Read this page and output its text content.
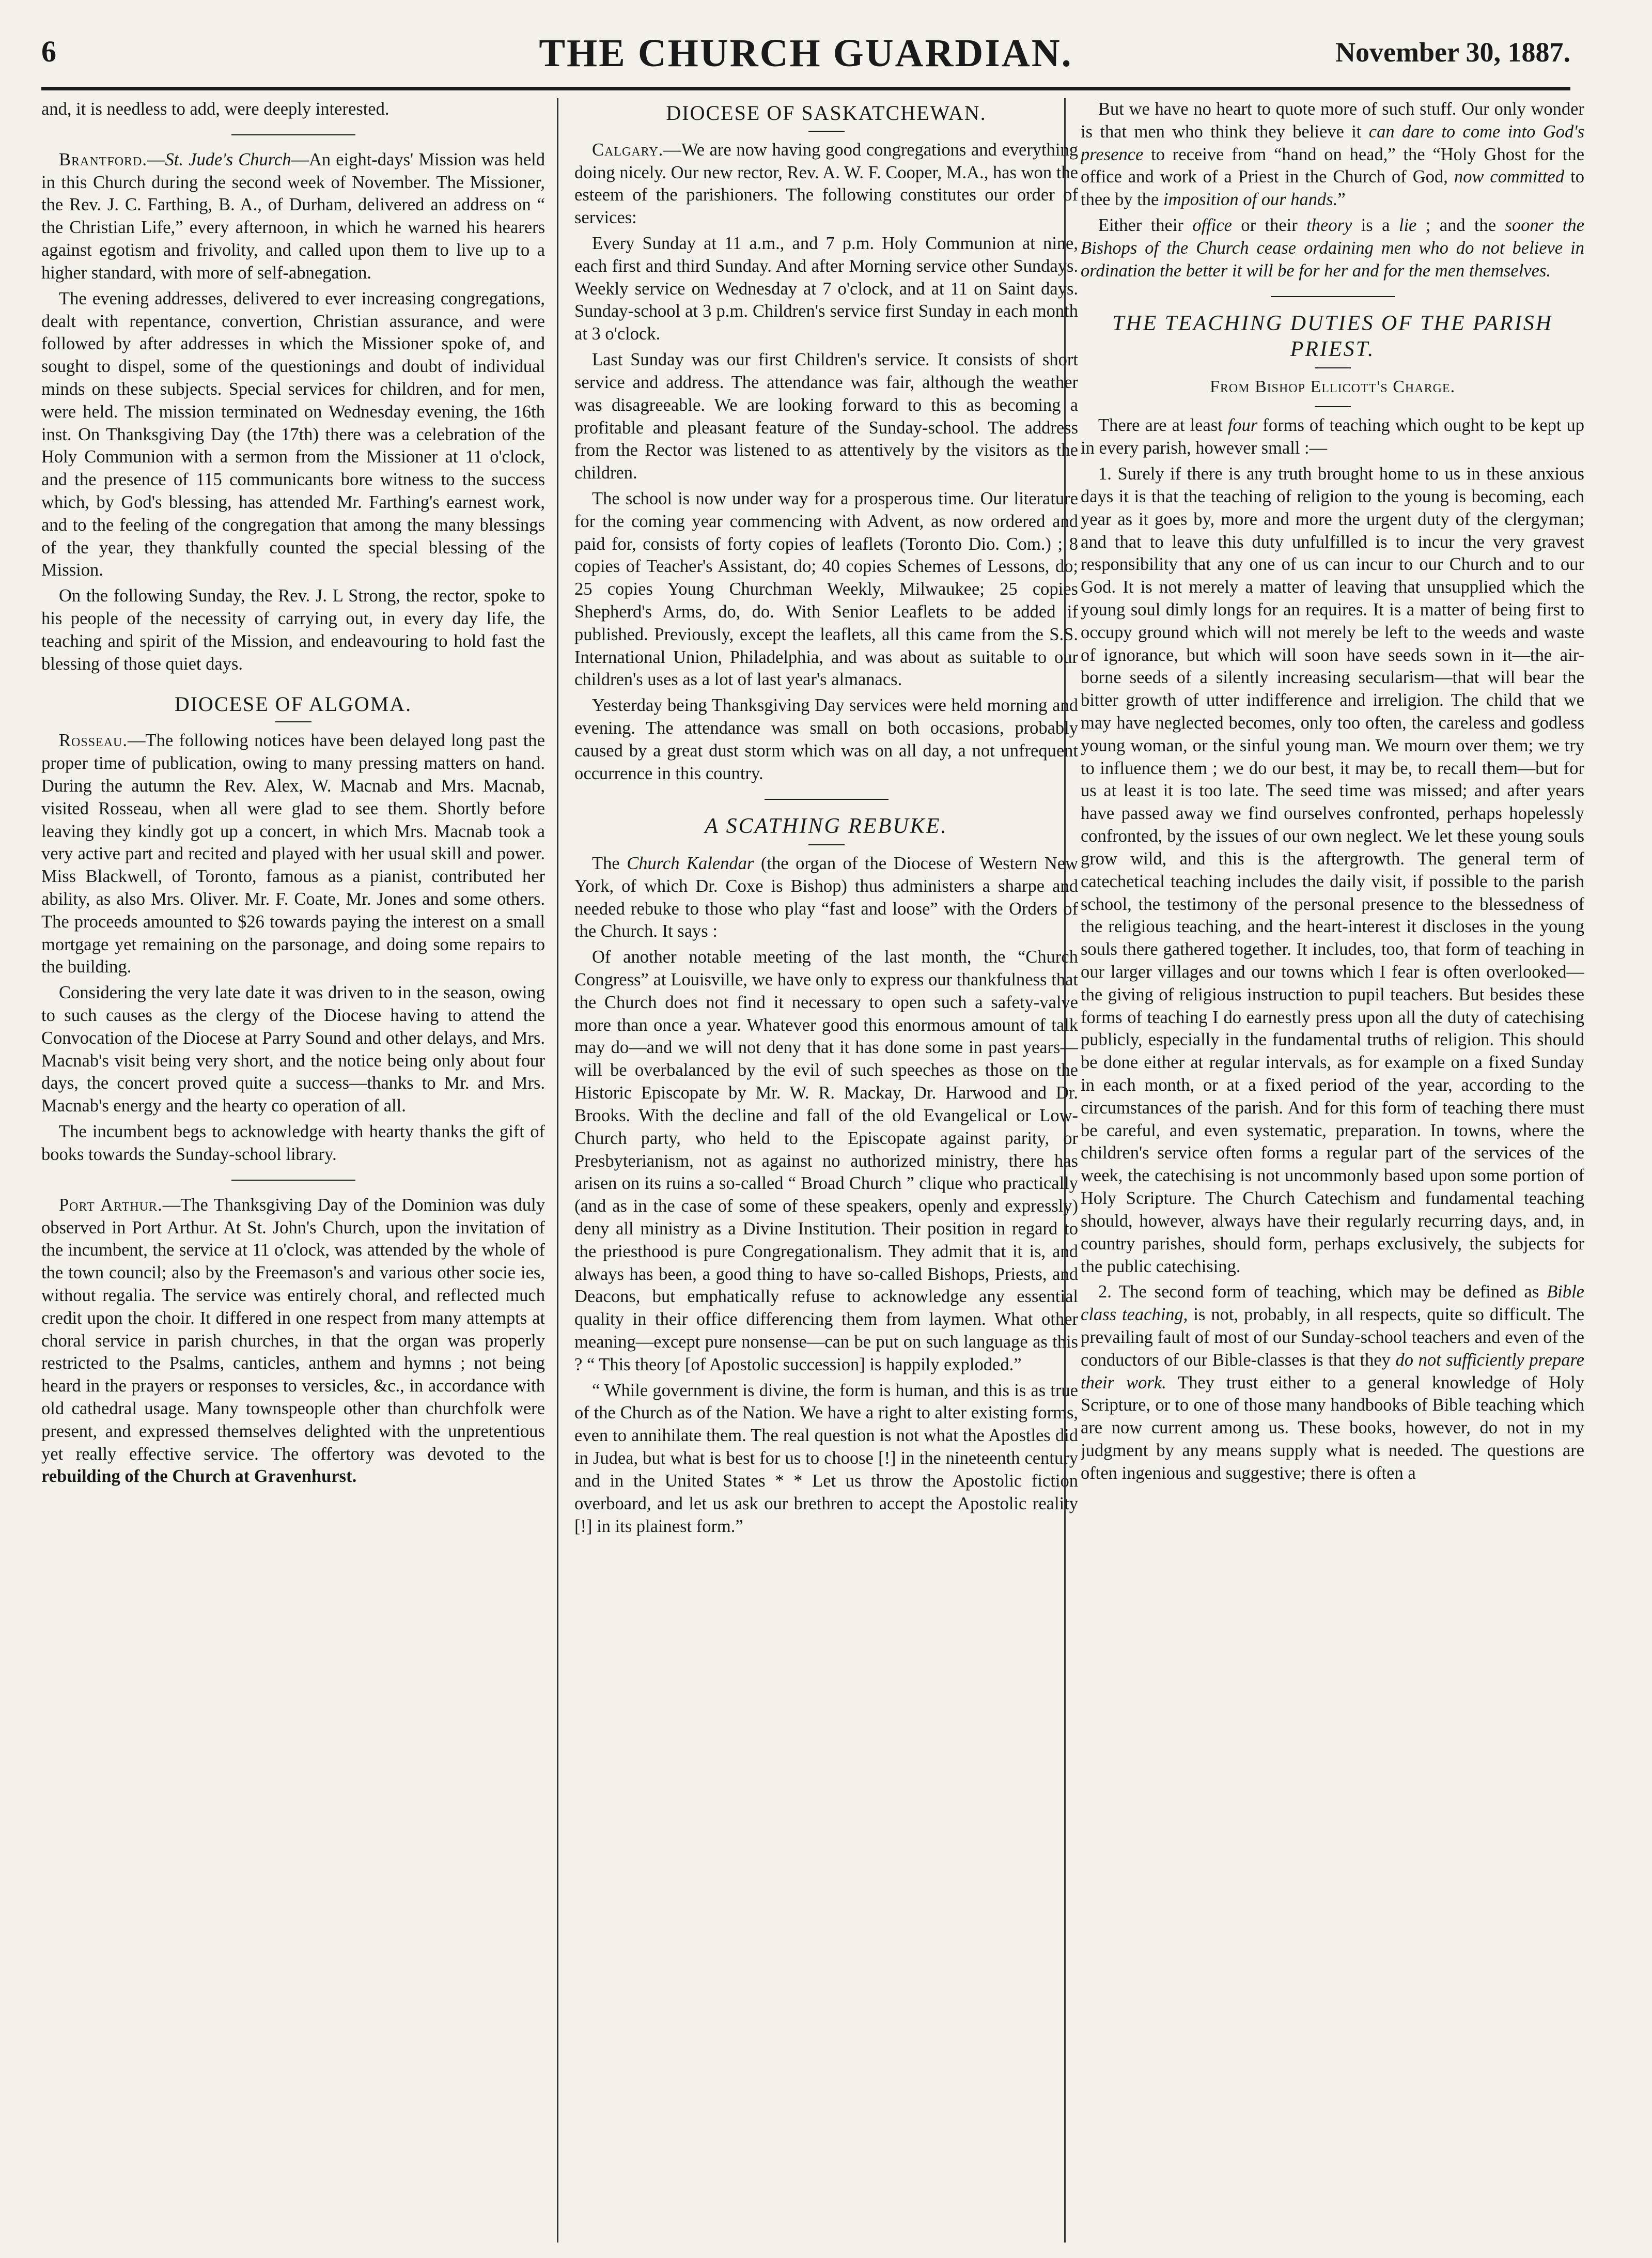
6	THE CHURCH GUARDIAN.	November 30, 1887.

and, it is needless to add, were deeply interested.

Brantford.—St. Jude's Church—An eight-days' Mission was held in this Church during the second week of November. The Missioner, the Rev. J. C. Farthing, B. A., of Durham, delivered an address on “ the Christian Life,” every afternoon, in which he warned his hearers against egotism and frivolity, and called upon them to live up to a higher standard, with more of self-abnegation.

The evening addresses, delivered to ever increasing congregations, dealt with repentance, convertion, Christian assurance, and were followed by after addresses in which the Missioner spoke of, and sought to dispel, some of the questionings and doubt of individual minds on these subjects. Special services for children, and for men, were held. The mission terminated on Wednesday evening, the 16th inst. On Thanksgiving Day (the 17th) there was a celebration of the Holy Communion with a sermon from the Missioner at 11 o'clock, and the presence of 115 communicants bore witness to the success which, by God's blessing, has attended Mr. Farthing's earnest work, and to the feeling of the congregation that among the many blessings of the year, they thankfully counted the special blessing of the Mission.

On the following Sunday, the Rev. J. L Strong, the rector, spoke to his people of the necessity of carrying out, in every day life, the teaching and spirit of the Mission, and endeavouring to hold fast the blessing of those quiet days.

DIOCESE OF ALGOMA.

Rosseau.—The following notices have been delayed long past the proper time of publication, owing to many pressing matters on hand. During the autumn the Rev. Alex, W. Macnab and Mrs. Macnab, visited Rosseau, when all were glad to see them. Shortly before leaving they kindly got up a concert, in which Mrs. Macnab took a very active part and recited and played with her usual skill and power. Miss Blackwell, of Toronto, famous as a pianist, contributed her ability, as also Mrs. Oliver. Mr. F. Coate, Mr. Jones and some others. The proceeds amounted to $26 towards paying the interest on a small mortgage yet remaining on the parsonage, and doing some repairs to the building.

Considering the very late date it was driven to in the season, owing to such causes as the clergy of the Diocese having to attend the Convocation of the Diocese at Parry Sound and other delays, and Mrs. Macnab's visit being very short, and the notice being only about four days, the concert proved quite a success—thanks to Mr. and Mrs. Macnab's energy and the hearty co operation of all.

The incumbent begs to acknowledge with hearty thanks the gift of books towards the Sunday-school library.

Port Arthur.—The Thanksgiving Day of the Dominion was duly observed in Port Arthur. At St. John's Church, upon the invitation of the incumbent, the service at 11 o'clock, was attended by the whole of the town council; also by the Freemason's and various other socie ies, without regalia. The service was entirely choral, and reflected much credit upon the choir. It differed in one respect from many attempts at choral service in parish churches, in that the organ was properly restricted to the Psalms, canticles, anthem and hymns ; not being heard in the prayers or responses to versicles, &c., in accordance with old cathedral usage. Many townspeople other than churchfolk were present, and expressed themselves delighted with the unpretentious yet really effective service. The offertory was devoted to the rebuilding of the Church at Gravenhurst.

DIOCESE OF SASKATCHEWAN.

Calgary.—We are now having good congregations and everything doing nicely. Our new rector, Rev. A. W. F. Cooper, M.A., has won the esteem of the parishioners. The following constitutes our order of services:

Every Sunday at 11 a.m., and 7 p.m. Holy Communion at nine, each first and third Sunday. And after Morning service other Sundays. Weekly service on Wednesday at 7 o'clock, and at 11 on Saint days. Sunday-school at 3 p.m. Children's service first Sunday in each month at 3 o'clock.

Last Sunday was our first Children's service. It consists of short service and address. The attendance was fair, although the weather was disagreeable. We are looking forward to this as becoming a profitable and pleasant feature of the Sunday-school. The address from the Rector was listened to as attentively by the visitors as the children.

The school is now under way for a prosperous time. Our literature for the coming year commencing with Advent, as now ordered and paid for, consists of forty copies of leaflets (Toronto Dio. Com.) ; 8 copies of Teacher's Assistant, do; 40 copies Schemes of Lessons, do; 25 copies Young Churchman Weekly, Milwaukee; 25 copies Shepherd's Arms, do, do. With Senior Leaflets to be added if published. Previously, except the leaflets, all this came from the S.S. International Union, Philadelphia, and was about as suitable to our children's uses as a lot of last year's almanacs.

Yesterday being Thanksgiving Day services were held morning and evening. The attendance was small on both occasions, probably caused by a great dust storm which was on all day, a not unfrequent occurrence in this country.

A SCATHING REBUKE.

The Church Kalendar (the organ of the Diocese of Western New York, of which Dr. Coxe is Bishop) thus administers a sharpe and needed rebuke to those who play “fast and loose” with the Orders of the Church. It says :

Of another notable meeting of the last month, the “Church Congress” at Louisville, we have only to express our thankfulness that the Church does not find it necessary to open such a safety-valve more than once a year. Whatever good this enormous amount of talk may do—and we will not deny that it has done some in past years—will be overbalanced by the evil of such speeches as those on the Historic Episcopate by Mr. W. R. Mackay, Dr. Harwood and Dr. Brooks. With the decline and fall of the old Evangelical or Low-Church party, who held to the Episcopate against parity, or Presbyterianism, not as against no authorized ministry, there has arisen on its ruins a so-called “ Broad Church ” clique who practically (and as in the case of some of these speakers, openly and expressly) deny all ministry as a Divine Institution. Their position in regard to the priesthood is pure Congregationalism. They admit that it is, and always has been, a good thing to have so-called Bishops, Priests, and Deacons, but emphatically refuse to acknowledge any essential quality in their office differencing them from laymen. What other meaning—except pure nonsense—can be put on such language as this ? “ This theory [of Apostolic succession] is happily exploded.”

“ While government is divine, the form is human, and this is as true of the Church as of the Nation. We have a right to alter existing forms, even to annihilate them. The real question is not what the Apostles did in Judea, but what is best for us to choose [!] in the nineteenth century and in the United States * * Let us throw the Apostolic fiction overboard, and let us ask our brethren to accept the Apostolic reality [!] in its plainest form.”

But we have no heart to quote more of such stuff. Our only wonder is that men who think they believe it can dare to come into God's presence to receive from “hand on head,” the “Holy Ghost for the office and work of a Priest in the Church of God, now committed to thee by the imposition of our hands.”

Either their office or their theory is a lie ; and the sooner the Bishops of the Church cease ordaining men who do not believe in ordination the better it will be for her and for the men themselves.

THE TEACHING DUTIES OF THE PARISH PRIEST.
From Bishop Ellicott's Charge.

There are at least four forms of teaching which ought to be kept up in every parish, however small :—

1. Surely if there is any truth brought home to us in these anxious days it is that the teaching of religion to the young is becoming, each year as it goes by, more and more the urgent duty of the clergyman; and that to leave this duty unfulfilled is to incur the very gravest responsibility that any one of us can incur to our Church and to our God. It is not merely a matter of leaving that unsupplied which the young soul dimly longs for an requires. It is a matter of being first to occupy ground which will not merely be left to the weeds and waste of ignorance, but which will soon have seeds sown in it—the air-borne seeds of a silently increasing secularism—that will bear the bitter growth of utter indifference and irreligion. The child that we may have neglected becomes, only too often, the careless and godless young woman, or the sinful young man. We mourn over them; we try to influence them ; we do our best, it may be, to recall them—but for us at least it is too late. The seed time was missed; and after years have passed away we find ourselves confronted, perhaps hopelessly confronted, by the issues of our own neglect. We let these young souls grow wild, and this is the aftergrowth. The general term of catechetical teaching includes the daily visit, if possible to the parish school, the testimony of the personal presence to the blessedness of the religious teaching, and the heart-interest it discloses in the young souls there gathered together. It includes, too, that form of teaching in our larger villages and our towns which I fear is often overlooked—the giving of religious instruction to pupil teachers. But besides these forms of teaching I do earnestly press upon all the duty of catechising publicly, especially in the fundamental truths of religion. This should be done either at regular intervals, as for example on a fixed Sunday in each month, or at a fixed period of the year, according to the circumstances of the parish. And for this form of teaching there must be careful, and even systematic, preparation. In towns, where the children's service often forms a regular part of the services of the week, the catechising is not uncommonly based upon some portion of Holy Scripture. The Church Catechism and fundamental teaching should, however, always have their regularly recurring days, and, in country parishes, should form, perhaps exclusively, the subjects for the public catechising.

2. The second form of teaching, which may be defined as Bible class teaching, is not, probably, in all respects, quite so difficult. The prevailing fault of most of our Sunday-school teachers and even of the conductors of our Bible-classes is that they do not sufficiently prepare their work. They trust either to a general knowledge of Holy Scripture, or to one of those many handbooks of Bible teaching which are now current among us. These books, however, do not in my judgment by any means supply what is needed. The questions are often ingenious and suggestive; there is often a
